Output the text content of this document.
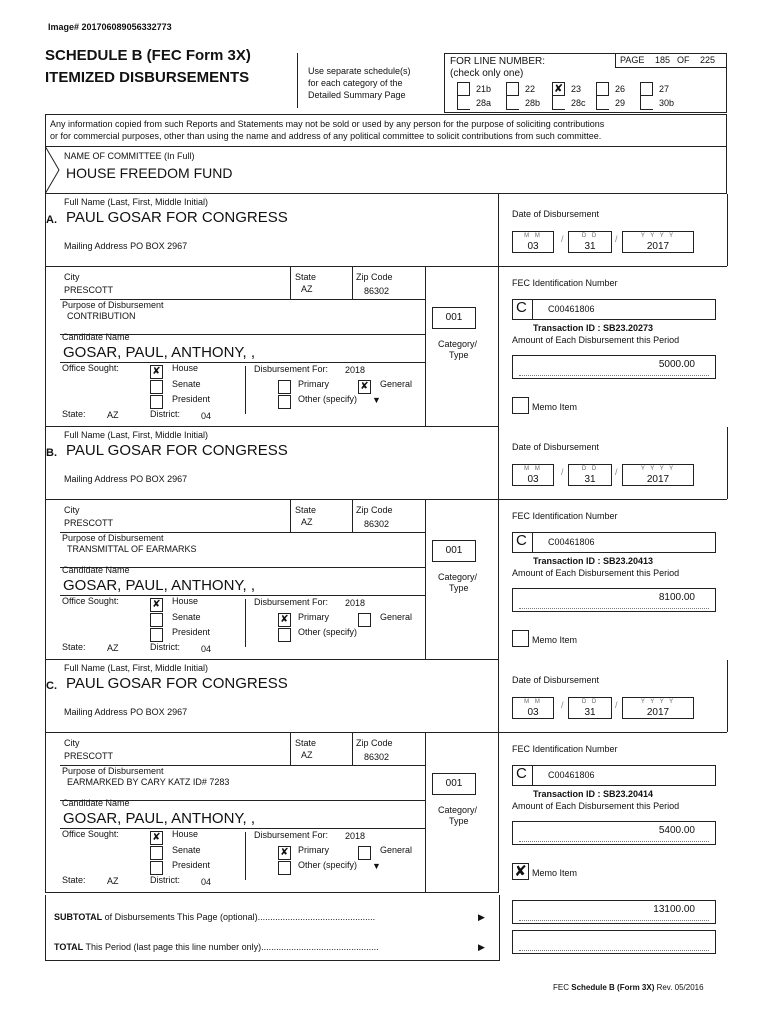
Image# 201706089056332773
SCHEDULE B (FEC Form 3X)
ITEMIZED DISBURSEMENTS	Use separate schedule(s)
for each category of the
Detailed Summary Page
FOR LINE NUMBER:
(check only one)
PAGE 185 OF 225
21b	22 ✘ 23	26	27
28a	28b	28c	29	30b
Any information copied from such Reports and Statements may not be sold or used by any person for the purpose of soliciting contributions
or for commercial purposes, other than using the name and address of any political committee to solicit contributions from such committee.
NAME OF COMMITTEE (In Full)
HOUSE FREEDOM FUND
Full Name (Last, First, Middle Initial)
A. PAUL GOSAR FOR CONGRESS
Mailing Address PO BOX 2967
City
PRESCOTT
State
AZ
Zip Code
86302
Purpose of Disbursement
CONTRIBUTION	001
Category/
Type
Candidate Name
GOSAR, PAUL, ANTHONY, ,
Office Sought:	✘ House
Senate
President
State: AZ	District: 04
Disbursement For: 2018
Primary	✘ General
Other (specify) ▼
Date of Disbursement
M M
03
D D
31
Y Y Y Y
2017
/	/
FEC Identification Number
C C00461806
Transaction ID : SB23.20273
Amount of Each Disbursement this Period
5000.00
Memo Item
Full Name (Last, First, Middle Initial)
B. PAUL GOSAR FOR CONGRESS
Mailing Address PO BOX 2967
City
PRESCOTT
State
AZ
Zip Code
86302
Purpose of Disbursement
TRANSMITTAL OF EARMARKS	001
Category/
Type
Candidate Name
GOSAR, PAUL, ANTHONY, ,
Office Sought:	✘ House
Senate
President
State: AZ	District: 04
Disbursement For: 2018
✘ Primary	General
Other (specify)
Date of Disbursement
M M
03
D D
31
Y Y Y Y
2017
/	/
FEC Identification Number
C C00461806
Transaction ID : SB23.20413
Amount of Each Disbursement this Period
8100.00
Memo Item
Full Name (Last, First, Middle Initial)
C. PAUL GOSAR FOR CONGRESS
Mailing Address PO BOX 2967
City
PRESCOTT
State
AZ
Zip Code
86302
Purpose of Disbursement
EARMARKED BY CARY KATZ ID# 7283	001
Category/
Type
Candidate Name
GOSAR, PAUL, ANTHONY, ,
Office Sought:	✘ House
Senate
President
State: AZ	District: 04
Disbursement For: 2018
✘ Primary	General
Other (specify) ▼
Date of Disbursement
M M
03
D D
31
Y Y Y Y
2017
/	/
FEC Identification Number
C C00461806
Transaction ID : SB23.20414
Amount of Each Disbursement this Period
5400.00
✘ Memo Item
SUBTOTAL of Disbursements This Page (optional)...............................................	▶
13100.00
TOTAL This Period (last page this line number only)...............................................	▶
FEC Schedule B (Form 3X) Rev. 05/2016
